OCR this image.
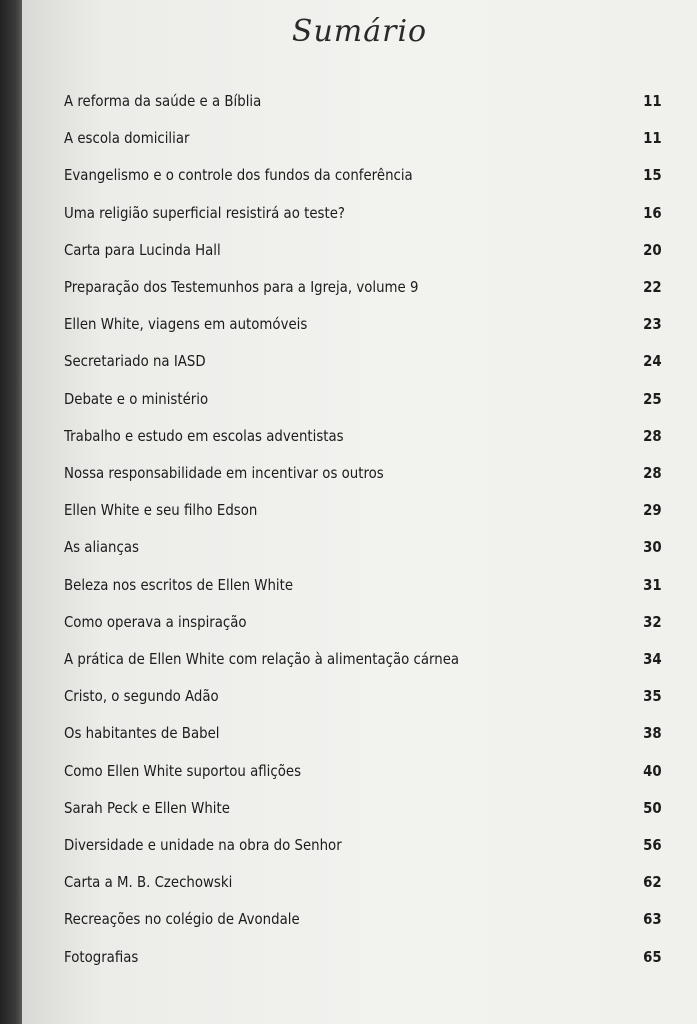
Sumário
A reforma da saúde e a Bíblia	11
A escola domiciliar	11
Evangelismo e o controle dos fundos da conferência	15
Uma religião superficial resistirá ao teste?	16
Carta para Lucinda Hall	20
Preparação dos Testemunhos para a Igreja, volume 9	22
Ellen White, viagens em automóveis	23
Secretariado na IASD	24
Debate e o ministério	25
Trabalho e estudo em escolas adventistas	28
Nossa responsabilidade em incentivar os outros	28
Ellen White e seu filho Edson	29
As alianças	30
Beleza nos escritos de Ellen White	31
Como operava a inspiração	32
A prática de Ellen White com relação à alimentação cárnea	34
Cristo, o segundo Adão	35
Os habitantes de Babel	38
Como Ellen White suportou aflições	40
Sarah Peck e Ellen White	50
Diversidade e unidade na obra do Senhor	56
Carta a M. B. Czechowski	62
Recreações no colégio de Avondale	63
Fotografias	65
